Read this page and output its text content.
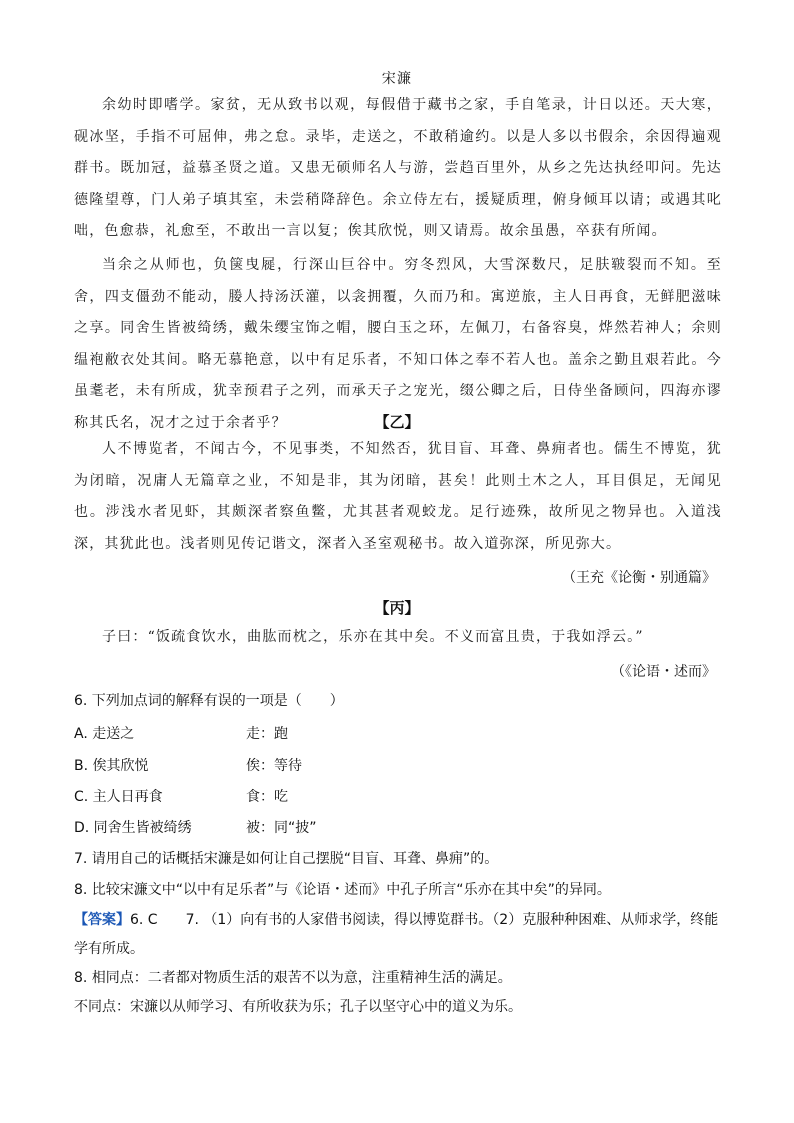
宋濂
余幼时即嗜学。家贫，无从致书以观，每假借于藏书之家，手自笔录，计日以还。天大寒，砚冰坚，手指不可屈伸，弗之怠。录毕，走送之，不敢稍逾约。以是人多以书假余，余因得遍观群书。既加冠，益慕圣贤之道。又患无硕师名人与游，尝趋百里外，从乡之先达执经叩问。先达德隆望尊，门人弟子填其室，未尝稍降辞色。余立侍左右，援疑质理，俯身倾耳以请；或遇其叱咄，色愈恭，礼愈至，不敢出一言以复；俟其欣悦，则又请焉。故余虽愚，卒获有所闻。
当余之从师也，负箧曳屣，行深山巨谷中。穷冬烈风，大雪深数尺，足肤皲裂而不知。至舍，四支僵劲不能动，媵人持汤沃灌，以衾拥覆，久而乃和。寓逆旅，主人日再食，无鲜肥滋味之享。同舍生皆被绮绣，戴朱缨宝饰之帽，腰白玉之环，左佩刀，右备容臭，烨然若神人；余则缊袍敝衣处其间。略无慕艳意，以中有足乐者，不知口体之奉不若人也。盖余之勤且艰若此。今虽耄老，未有所成，犹幸预君子之列，而承天子之宠光，缀公卿之后，日侍坐备顾问，四海亦谬称其氏名，况才之过于余者乎？	【乙】
人不博览者，不闻古今，不见事类，不知然否，犹目盲、耳聋、鼻痈者也。儒生不博览，犹为闭暗，况庸人无篇章之业，不知是非，其为闭暗，甚矣！此则土木之人，耳目俱足，无闻见也。涉浅水者见虾，其颇深者察鱼鳖，尤其甚者观蛟龙。足行迹殊，故所见之物异也。入道浅深，其犹此也。浅者则见传记谐文，深者入圣室观秘书。故入道弥深，所见弥大。
（王充《论衡・别通篇》
【丙】
子曰：“饭疏食饮水，曲肱而枕之，乐亦在其中矣。不义而富且贵，于我如浮云。”
（《论语・述而》
6. 下列加点词的解释有误的一项是（　　）
A. 走送之	走：跑
B. 俟其欣悦	俟：等待
C. 主人日再食	食：吃
D. 同舍生皆被绮绣	被：同“披”
7. 请用自己的话概括宋濂是如何让自己摆脱“目盲、耳聋、鼻痈”的。
8. 比较宋濂文中“以中有足乐者”与《论语・述而》中孔子所言“乐亦在其中矣”的异同。
【答案】6. C　　7. （1）向有书的人家借书阅读，得以博览群书。（2）克服种种困难、从师求学，终能学有所成。
8. 相同点：二者都对物质生活的艰苦不以为意，注重精神生活的满足。
不同点：宋濂以从师学习、有所收获为乐；孔子以坚守心中的道义为乐。
